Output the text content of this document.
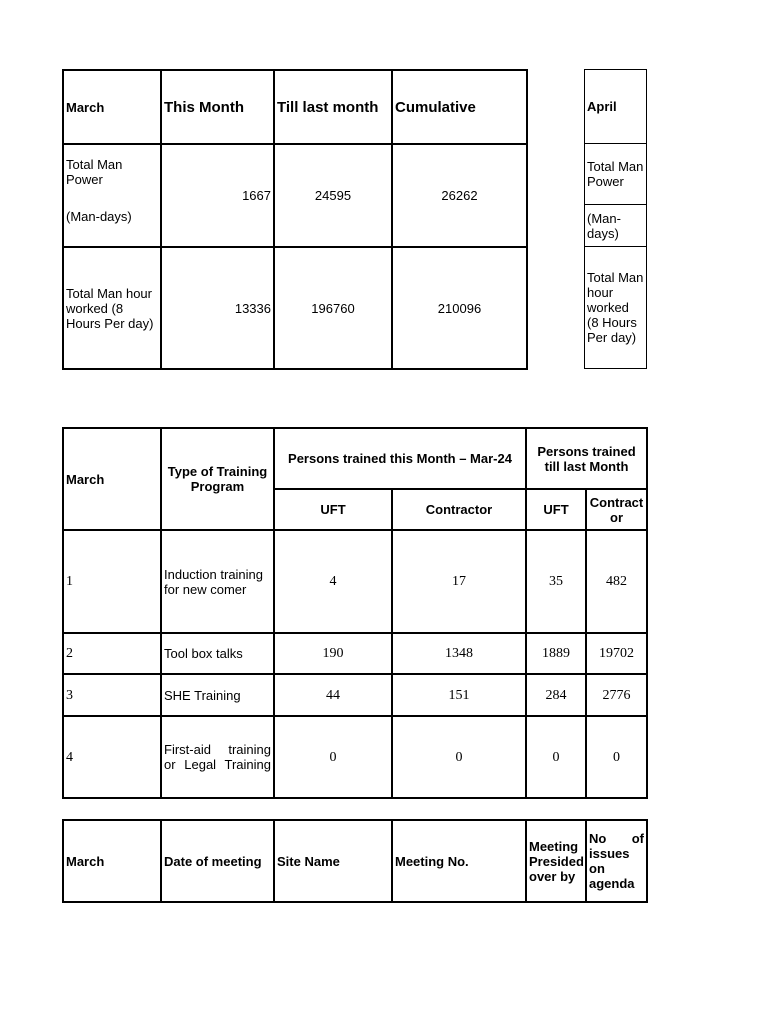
March	This Month	Till last month	Cumulative

Total Man Power
(Man-days)	1667	24595	26262
Total Man hour worked (8 Hours Per day)	13336	196760	210096
April
Total Man Power
(Man-days)
Total Man hour worked (8 Hours Per day)
March	Type of Training Program	Persons trained this Month – Mar-24		Persons trained till last Month	
		UFT	Contractor	UFT	Contractor
1	Induction training for new comer	4	17	35	482
2	Tool box talks	190	1348	1889	19702
3	SHE Training	44	151	284	2776
4	First-aid training or Legal Training	0	0	0	0
March	Date of meeting	Site Name	Meeting No.	Meeting Presided over by	No of issues on agenda
